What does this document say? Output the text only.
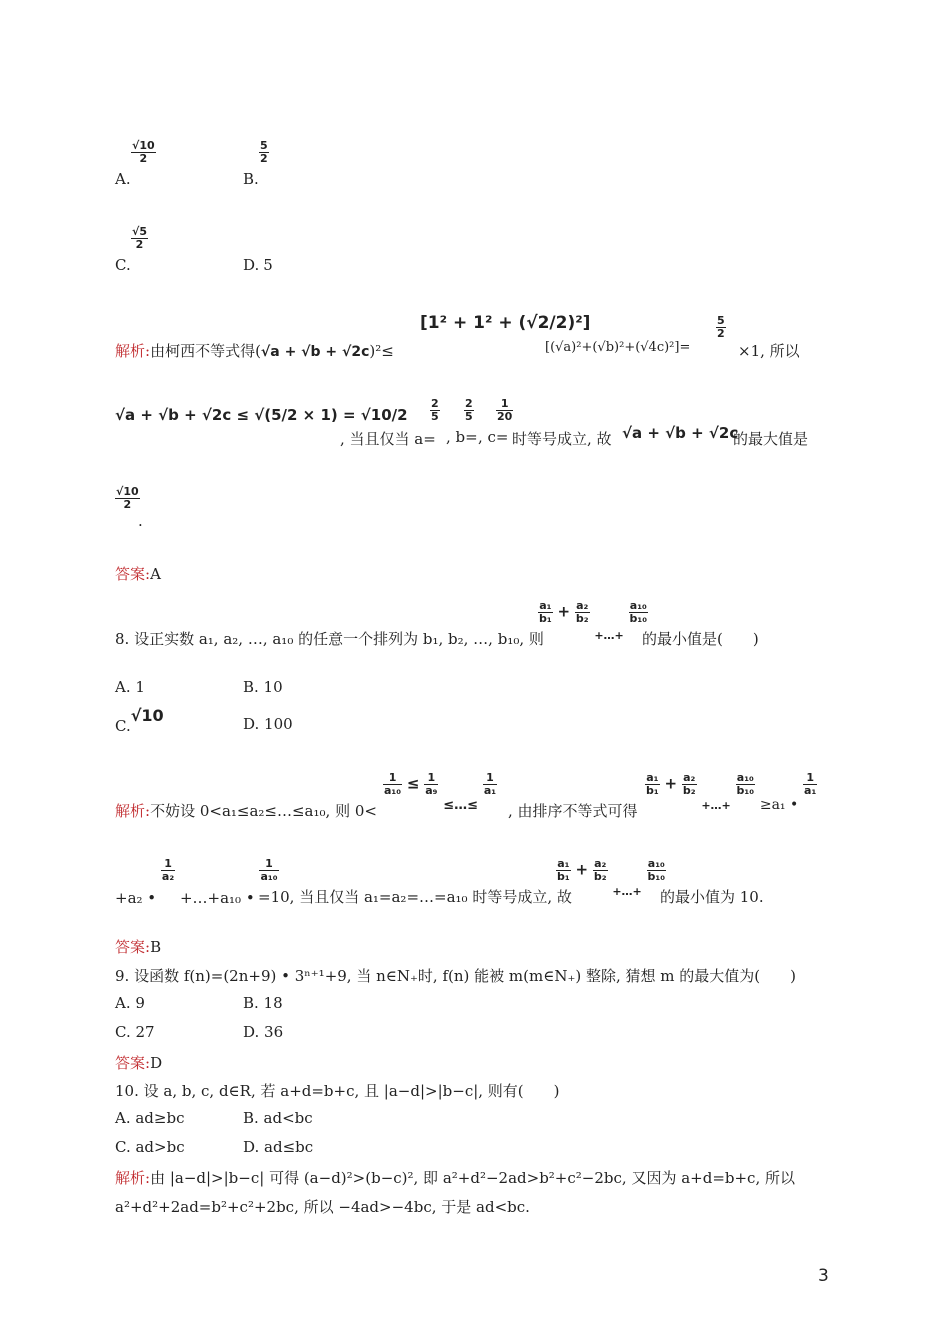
A.
$\frac{√10}{2}$
B.
$\frac{5}{2}$
C.
$\frac{√5}{2}$
D. 5
解析:由柯西不等式得(√a + √b + √2c)²≤
[1² + 1² + (√2/2)²]
[(√a)²+(√b)²+(√4c)²]=
$\frac{5}{2}$
×1, 所以
√a + √b + √2c ≤ √(5/2 × 1) = √10/2
, 当且仅当 a=
$\frac{2}{5}$
, b=
$\frac{2}{5}$
, c=
$\frac{1}{20}$
时等号成立, 故 √a + √b + √2c
的最大值是
$\frac{√10}{2}$
.
答案:A
8. 设正实数 a₁, a₂, …, a₁₀ 的任意一个排列为 b₁, b₂, …, b₁₀, 则
$\frac{\text{a₁}}{\text{b₁}} + \frac{\text{a₂}}{\text{b₂}}$
$_{+\dots+}$
$\frac{\text{a₁₀}}{\text{b₁₀}}$
的最小值是(　　)
A. 1	B. 10
C.√10	D. 100
解析:不妨设 0<a₁≤a₂≤…≤a₁₀, 则 0<
$\frac{1}{\text{a₁₀}} \le \frac{1}{\text{a₉}}$
≤…≤
$\frac{1}{\text{a₁}}$
, 由排序不等式可得
$\frac{\text{a₁}}{\text{b₁}} + \frac{\text{a₂}}{\text{b₂}}$
$_{+\dots+}$
$\frac{\text{a₁₀}}{\text{b₁₀}}$
≥a₁ •
$\frac{1}{\text{a₁}}$
+a₂ •
$\frac{1}{\text{a₂}}$
+…+a₁₀ •
$\frac{1}{\text{a₁₀}}$
=10, 当且仅当 a₁=a₂=…=a₁₀ 时等号成立, 故
$\frac{\text{a₁}}{\text{b₁}} + \frac{\text{a₂}}{\text{b₂}}$
$_{+\dots+}$
$\frac{\text{a₁₀}}{\text{b₁₀}}$
的最小值为 10.
答案:B
9. 设函数 f(n)=(2n+9) • 3ⁿ⁺¹+9, 当 n∈N₊时, f(n) 能被 m(m∈N₊) 整除, 猜想 m 的最大值为(　　)
A. 9	B. 18
C. 27	D. 36
答案:D
10. 设 a, b, c, d∈R, 若 a+d=b+c, 且 |a−d|>|b−c|, 则有(　　)
A. ad≥bc	B. ad<bc
C. ad>bc	D. ad≤bc
解析:由 |a−d|>|b−c| 可得 (a−d)²>(b−c)², 即 a²+d²−2ad>b²+c²−2bc, 又因为 a+d=b+c, 所以
a²+d²+2ad=b²+c²+2bc, 所以 −4ad>−4bc, 于是 ad<bc.
3
